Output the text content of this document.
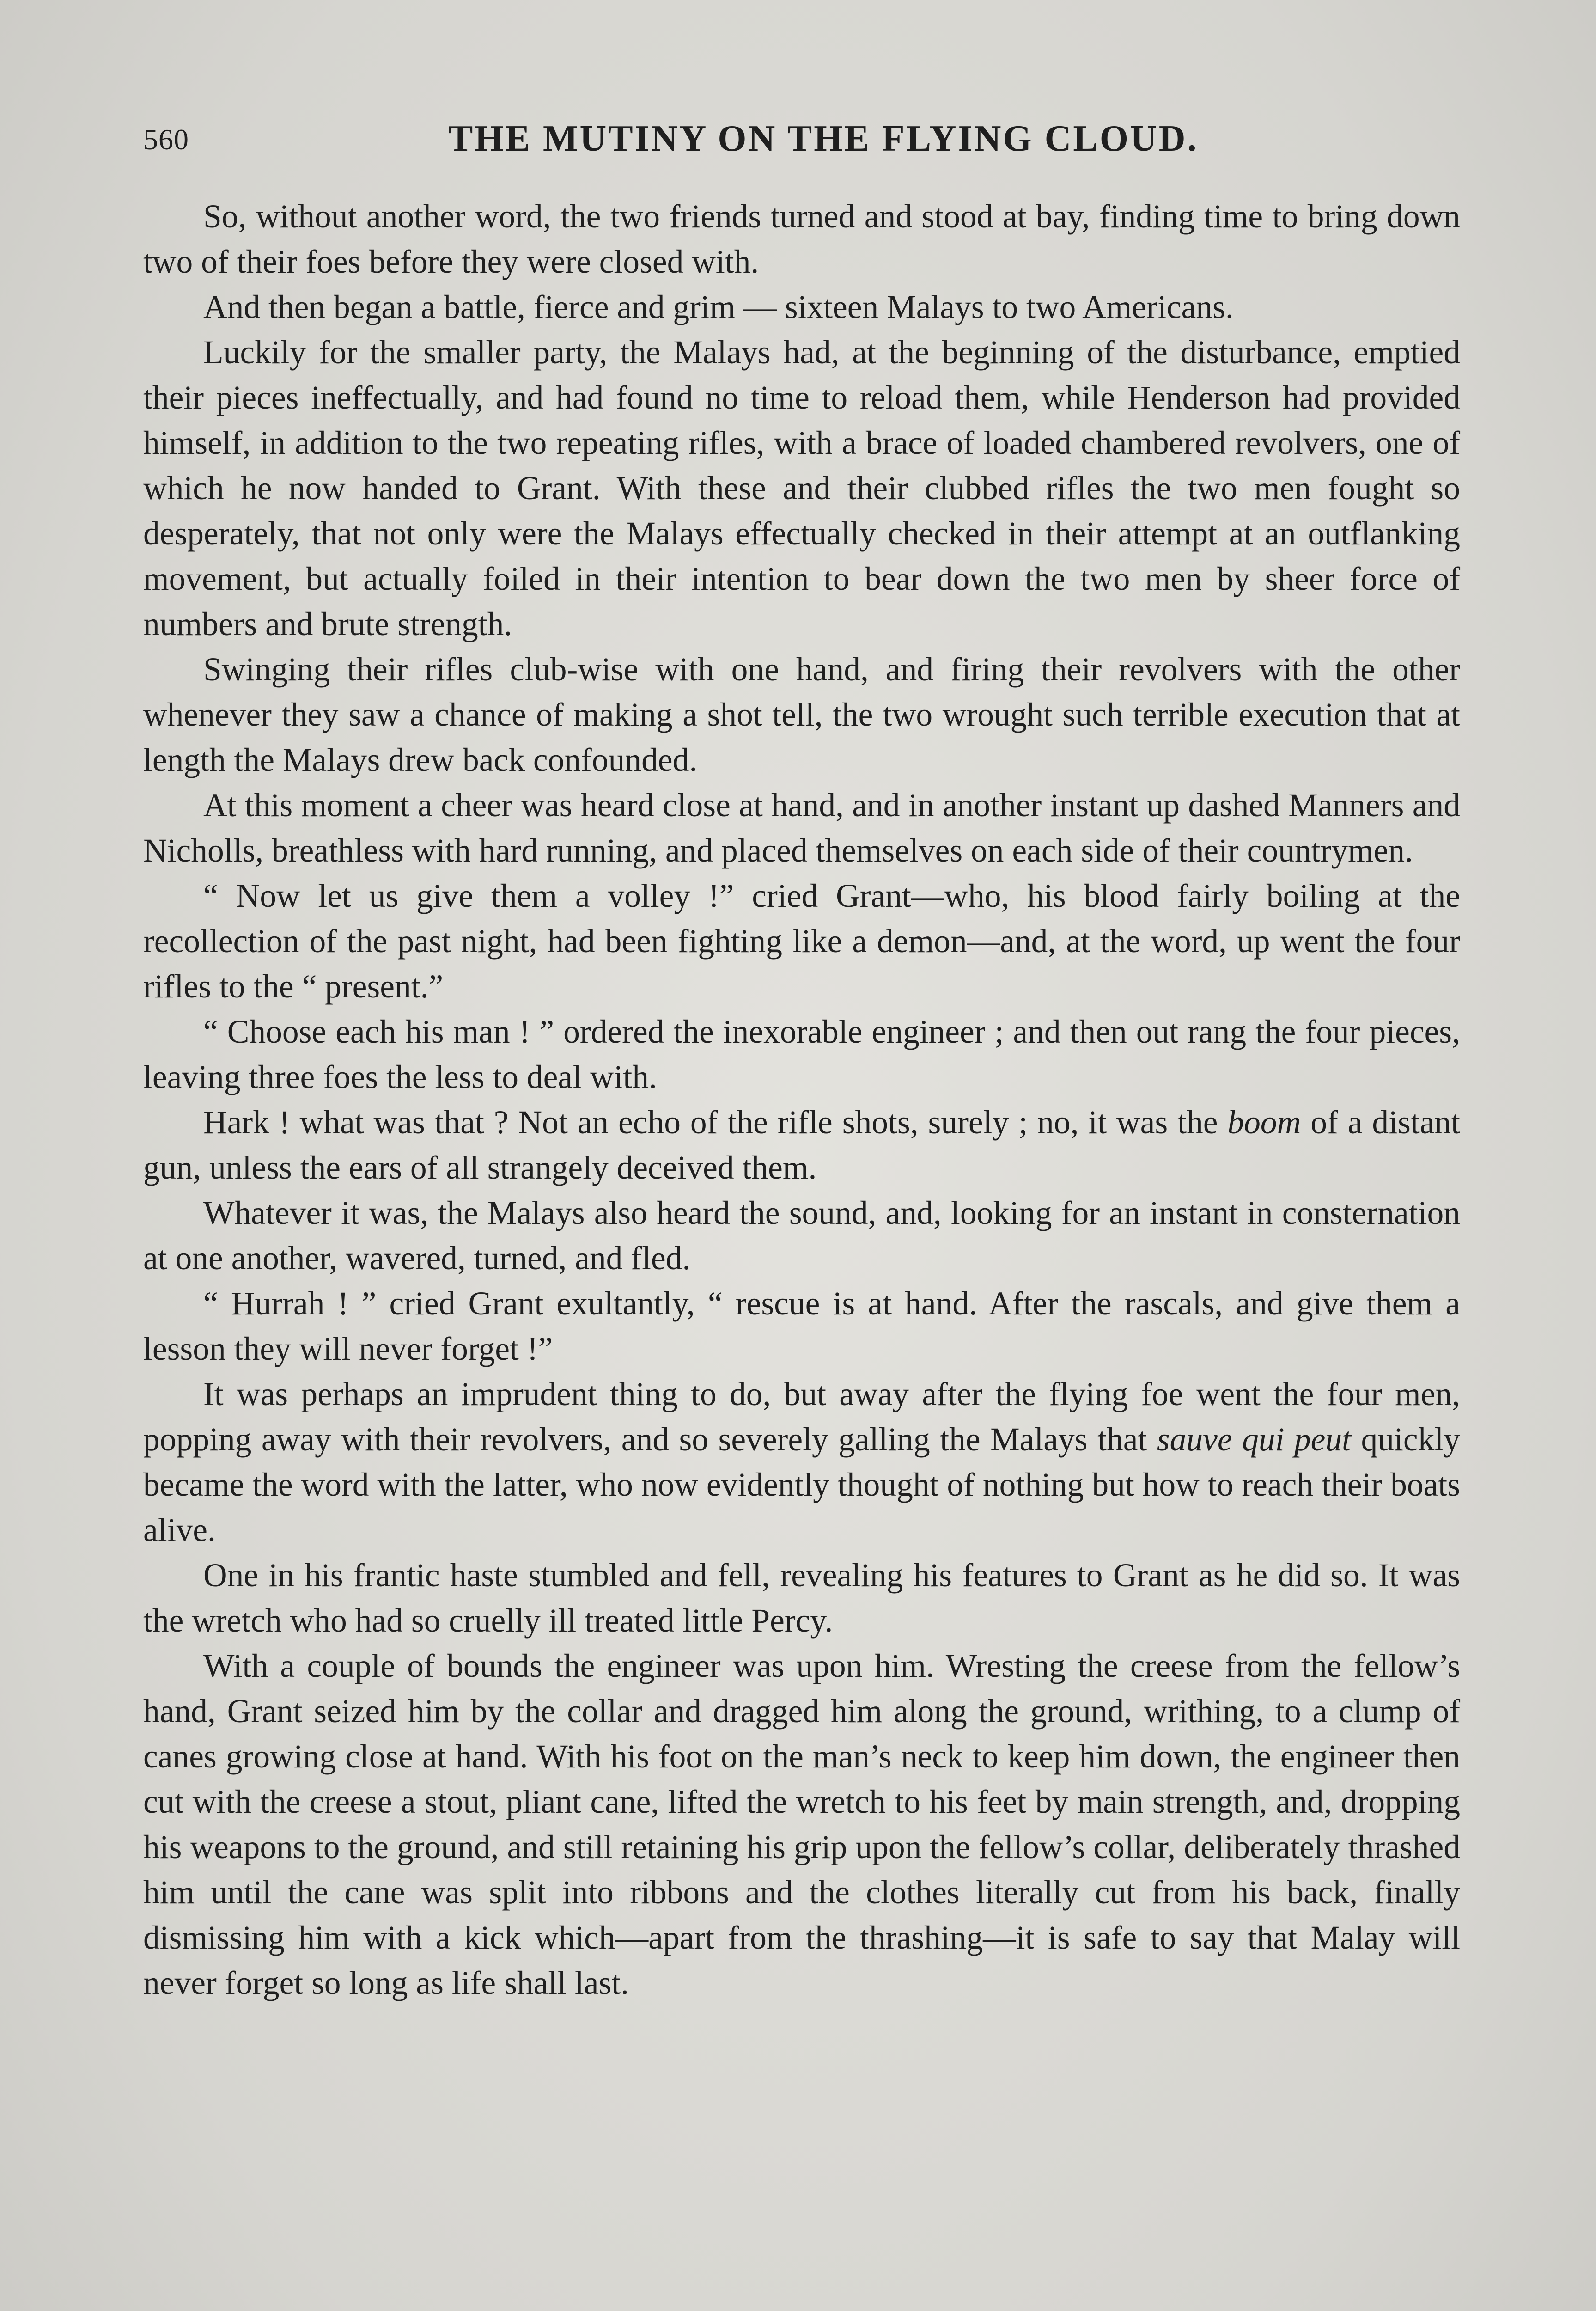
560	THE MUTINY ON THE FLYING CLOUD.

So, without another word, the two friends turned and stood at bay, finding time to bring down two of their foes before they were closed with.

And then began a battle, fierce and grim — sixteen Malays to two Americans.

Luckily for the smaller party, the Malays had, at the beginning of the disturbance, emptied their pieces ineffectually, and had found no time to reload them, while Henderson had provided himself, in addition to the two repeating rifles, with a brace of loaded chambered revolvers, one of which he now handed to Grant. With these and their clubbed rifles the two men fought so desperately, that not only were the Malays effectually checked in their attempt at an outflanking movement, but actually foiled in their intention to bear down the two men by sheer force of numbers and brute strength.

Swinging their rifles club-wise with one hand, and firing their revolvers with the other whenever they saw a chance of making a shot tell, the two wrought such terrible execution that at length the Malays drew back confounded.

At this moment a cheer was heard close at hand, and in another instant up dashed Manners and Nicholls, breathless with hard running, and placed themselves on each side of their countrymen.

“ Now let us give them a volley !” cried Grant—who, his blood fairly boiling at the recollection of the past night, had been fighting like a demon—and, at the word, up went the four rifles to the “ present.”

“ Choose each his man ! ” ordered the inexorable engineer ; and then out rang the four pieces, leaving three foes the less to deal with.

Hark ! what was that ? Not an echo of the rifle shots, surely ; no, it was the boom of a distant gun, unless the ears of all strangely deceived them.

Whatever it was, the Malays also heard the sound, and, looking for an instant in consternation at one another, wavered, turned, and fled.

“ Hurrah ! ” cried Grant exultantly, “ rescue is at hand. After the rascals, and give them a lesson they will never forget !”

It was perhaps an imprudent thing to do, but away after the flying foe went the four men, popping away with their revolvers, and so severely galling the Malays that sauve qui peut quickly became the word with the latter, who now evidently thought of nothing but how to reach their boats alive.

One in his frantic haste stumbled and fell, revealing his features to Grant as he did so. It was the wretch who had so cruelly ill treated little Percy.

With a couple of bounds the engineer was upon him. Wresting the creese from the fellow’s hand, Grant seized him by the collar and dragged him along the ground, writhing, to a clump of canes growing close at hand. With his foot on the man’s neck to keep him down, the engineer then cut with the creese a stout, pliant cane, lifted the wretch to his feet by main strength, and, dropping his weapons to the ground, and still retaining his grip upon the fellow’s collar, deliberately thrashed him until the cane was split into ribbons and the clothes literally cut from his back, finally dismissing him with a kick which—apart from the thrashing—it is safe to say that Malay will never forget so long as life shall last.
